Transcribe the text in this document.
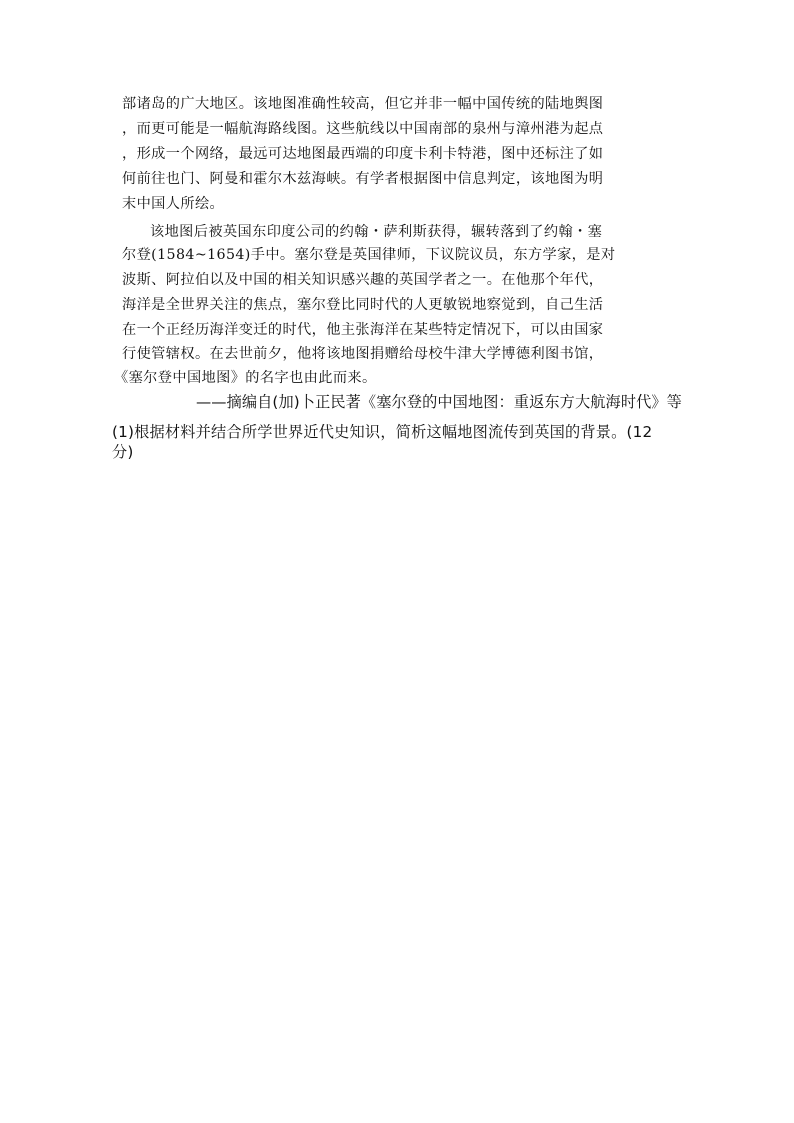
部诸岛的广大地区。该地图准确性较高，但它并非一幅中国传统的陆地舆图
，而更可能是一幅航海路线图。这些航线以中国南部的泉州与漳州港为起点
，形成一个网络，最远可达地图最西端的印度卡利卡特港，图中还标注了如
何前往也门、阿曼和霍尔木兹海峡。有学者根据图中信息判定，该地图为明
末中国人所绘。
该地图后被英国东印度公司的约翰・萨利斯获得，辗转落到了约翰・塞
尔登(1584~1654)手中。塞尔登是英国律师，下议院议员，东方学家，是对
波斯、阿拉伯以及中国的相关知识感兴趣的英国学者之一。在他那个年代，
海洋是全世界关注的焦点，塞尔登比同时代的人更敏锐地察觉到，自己生活
在一个正经历海洋变迁的时代，他主张海洋在某些特定情况下，可以由国家
行使管辖权。在去世前夕，他将该地图捐赠给母校牛津大学博德利图书馆，
《塞尔登中国地图》的名字也由此而来。
——摘编自(加)卜正民著《塞尔登的中国地图：重返东方大航海时代》等
(1)根据材料并结合所学世界近代史知识，简析这幅地图流传到英国的背景。(12
分)
